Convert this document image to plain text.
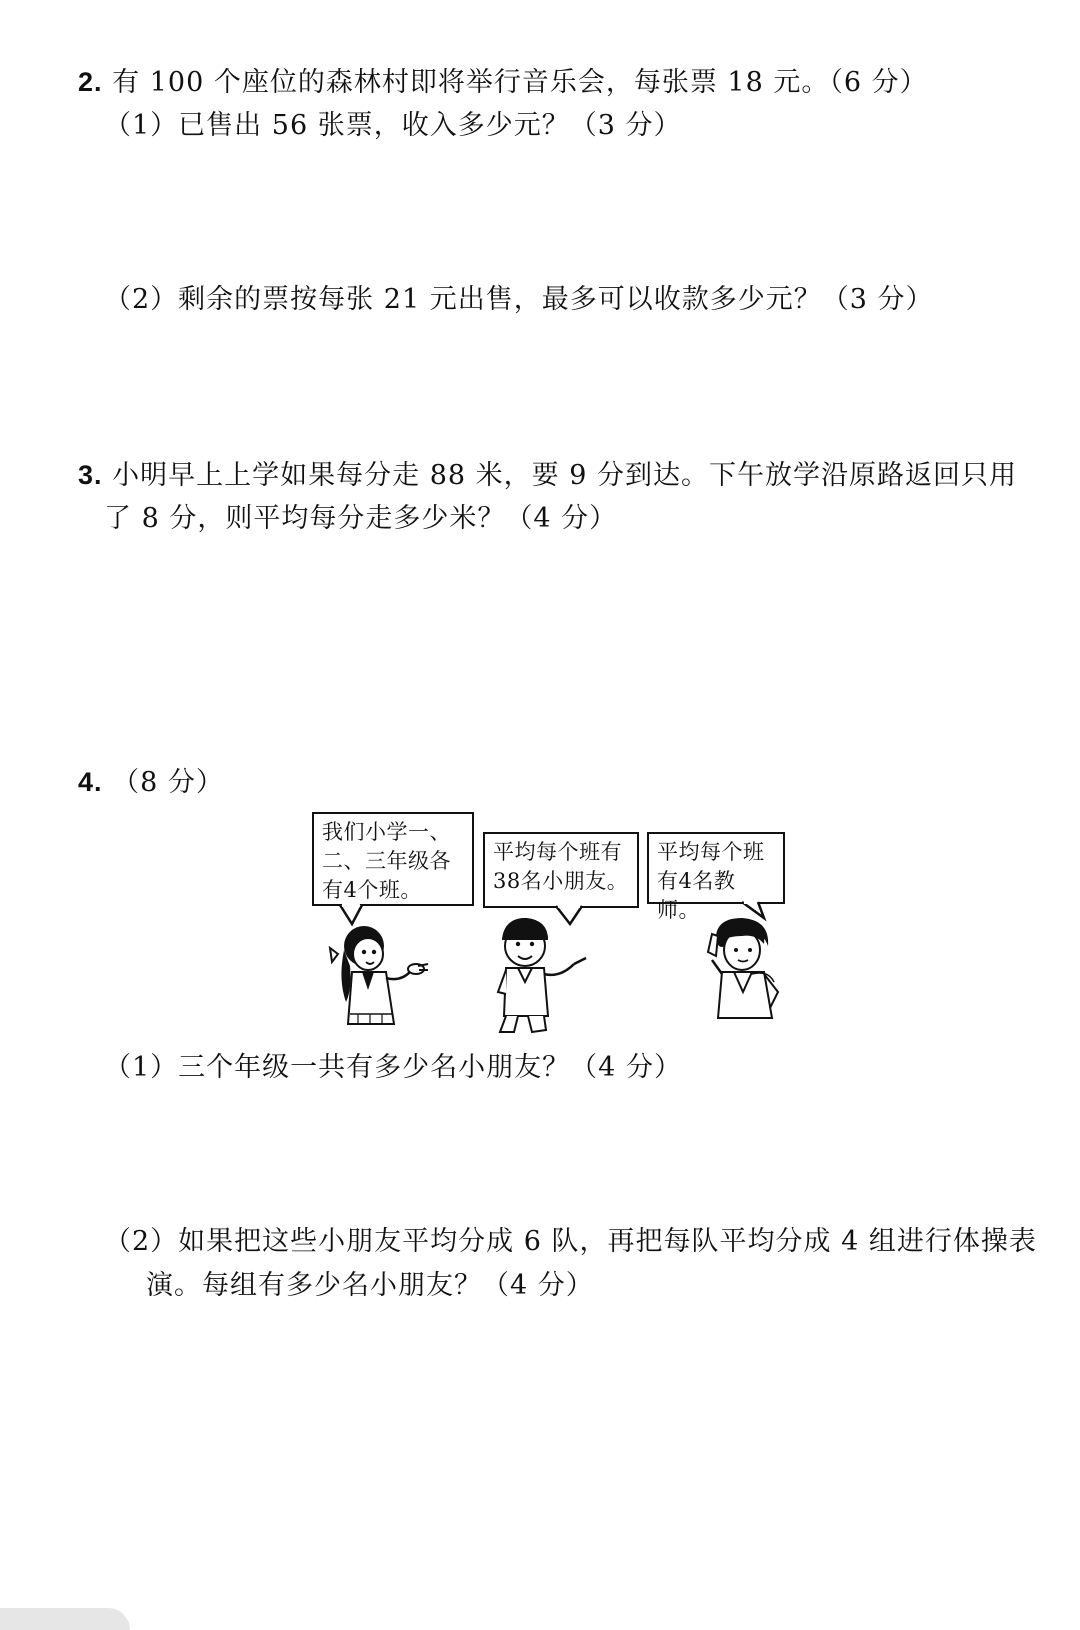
2. 有 100 个座位的森林村即将举行音乐会，每张票 18 元。（6 分）
（1）已售出 56 张票，收入多少元？（3 分）
（2）剩余的票按每张 21 元出售，最多可以收款多少元？（3 分）
3. 小明早上上学如果每分走 88 米，要 9 分到达。下午放学沿原路返回只用
了 8 分，则平均每分走多少米？（4 分）
4. （8 分）
我们小学一、
二、三年级各
有4个班。
平均每个班有
38名小朋友。
平均每个班
有4名教师。
（1）三个年级一共有多少名小朋友？（4 分）
（2）如果把这些小朋友平均分成 6 队，再把每队平均分成 4 组进行体操表
演。每组有多少名小朋友？（4 分）
